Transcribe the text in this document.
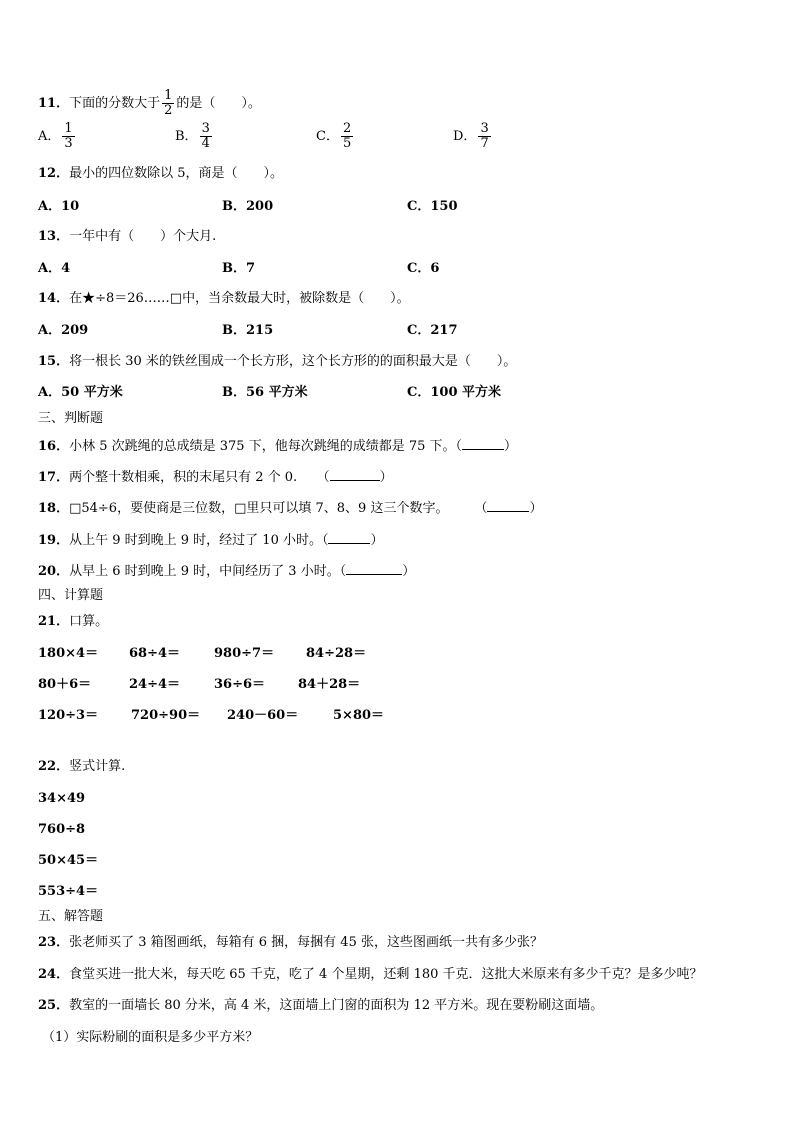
11．下面的分数大于 $\frac{1}{2}$ 的是（　　）。
A． $\frac{1}{3}$	B． $\frac{3}{4}$	C． $\frac{2}{5}$	D． $\frac{3}{7}$
12．最小的四位数除以 5，商是（　　）。
A．10	B．200	C．150
13．一年中有（　　）个大月.
A．4	B．7	C．6
14．在★÷8＝26……□中，当余数最大时，被除数是（　　）。
A．209	B．215	C．217
15．将一根长 30 米的铁丝围成一个长方形，这个长方形的的面积最大是（　　）。
A．50 平方米	B．56 平方米	C．100 平方米
三、判断题
16．小林 5 次跳绳的总成绩是 375 下，他每次跳绳的成绩都是 75 下。（	）
17．两个整十数相乘，积的末尾只有 2 个 0.　　（	）
18．□54÷6，要使商是三位数，□里只可以填 7、8、9 这三个数字。　　　（	）
19．从上午 9 时到晚上 9 时，经过了 10 小时。（	）
20．从早上 6 时到晚上 9 时，中间经历了 3 小时。（	）
四、计算题
21．口算。
180×4＝ 68÷4＝	980÷7＝ 84÷28＝
80＋6＝	24÷4＝	36÷6＝	84＋28＝
120÷3＝	720÷90＝ 240－60＝	5×80＝
22．竖式计算.
34×49
760÷8
50×45＝
553÷4＝
五、解答题
23．张老师买了 3 箱图画纸，每箱有 6 捆，每捆有 45 张，这些图画纸一共有多少张？
24．食堂买进一批大米，每天吃 65 千克，吃了 4 个星期，还剩 180 千克．这批大米原来有多少千克？是多少吨？
25．教室的一面墙长 80 分米，高 4 米，这面墙上门窗的面积为 12 平方米。现在要粉刷这面墙。
（1）实际粉刷的面积是多少平方米？
